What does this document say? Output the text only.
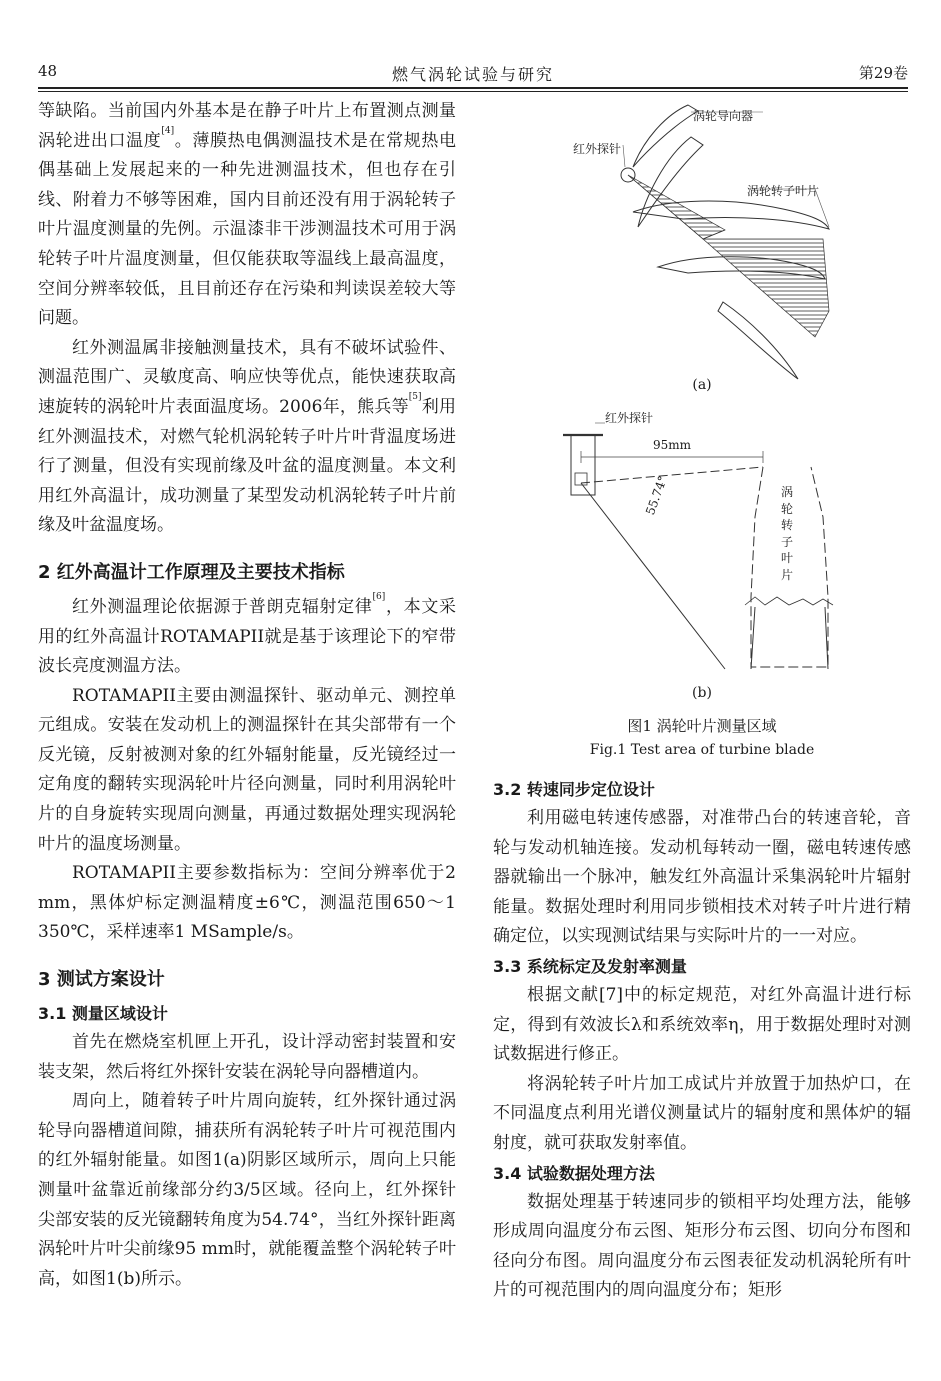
48	燃气涡轮试验与研究	第29卷

等缺陷。当前国内外基本是在静子叶片上布置测点测量涡轮进出口温度[4]。薄膜热电偶测温技术是在常规热电偶基础上发展起来的一种先进测温技术，但也存在引线、附着力不够等困难，国内目前还没有用于涡轮转子叶片温度测量的先例。示温漆非干涉测温技术可用于涡轮转子叶片温度测量，但仅能获取等温线上最高温度，空间分辨率较低，且目前还存在污染和判读误差较大等问题。

红外测温属非接触测量技术，具有不破坏试验件、测温范围广、灵敏度高、响应快等优点，能快速获取高速旋转的涡轮叶片表面温度场。2006年，熊兵等[5]利用红外测温技术，对燃气轮机涡轮转子叶片叶背温度场进行了测量，但没有实现前缘及叶盆的温度测量。本文利用红外高温计，成功测量了某型发动机涡轮转子叶片前缘及叶盆温度场。

2 红外高温计工作原理及主要技术指标

红外测温理论依据源于普朗克辐射定律[6]，本文采用的红外高温计ROTAMAPII就是基于该理论下的窄带波长亮度测温方法。

ROTAMAPII主要由测温探针、驱动单元、测控单元组成。安装在发动机上的测温探针在其尖部带有一个反光镜，反射被测对象的红外辐射能量，反光镜经过一定角度的翻转实现涡轮叶片径向测量，同时利用涡轮叶片的自身旋转实现周向测量，再通过数据处理实现涡轮叶片的温度场测量。

ROTAMAPII主要参数指标为：空间分辨率优于2 mm，黑体炉标定测温精度±6℃，测温范围650～1 350℃，采样速率1 MSample/s。

3 测试方案设计
3.1 测量区域设计

首先在燃烧室机匣上开孔，设计浮动密封装置和安装支架，然后将红外探针安装在涡轮导向器槽道内。

周向上，随着转子叶片周向旋转，红外探针通过涡轮导向器槽道间隙，捕获所有涡轮转子叶片可视范围内的红外辐射能量。如图1(a)阴影区域所示，周向上只能测量叶盆靠近前缘部分约3/5区域。径向上，红外探针尖部安装的反光镜翻转角度为54.74°，当红外探针距离涡轮叶片叶尖前缘95 mm时，就能覆盖整个涡轮转子叶高，如图1(b)所示。

涡轮导向器
红外探针
涡轮转子叶片
(a)
红外探针
95mm
55.74°	涡
轮
转
子
叶
片
(b)
图1 涡轮叶片测量区域
Fig.1 Test area of turbine blade
3.2 转速同步定位设计

利用磁电转速传感器，对准带凸台的转速音轮，音轮与发动机轴连接。发动机每转动一圈，磁电转速传感器就输出一个脉冲，触发红外高温计采集涡轮叶片辐射能量。数据处理时利用同步锁相技术对转子叶片进行精确定位，以实现测试结果与实际叶片的一一对应。

3.3 系统标定及发射率测量

根据文献[7]中的标定规范，对红外高温计进行标定，得到有效波长λ和系统效率η，用于数据处理时对测试数据进行修正。

将涡轮转子叶片加工成试片并放置于加热炉口，在不同温度点利用光谱仪测量试片的辐射度和黑体炉的辐射度，就可获取发射率值。

3.4 试验数据处理方法

数据处理基于转速同步的锁相平均处理方法，能够形成周向温度分布云图、矩形分布云图、切向分布图和径向分布图。周向温度分布云图表征发动机涡轮所有叶片的可视范围内的周向温度分布；矩形
